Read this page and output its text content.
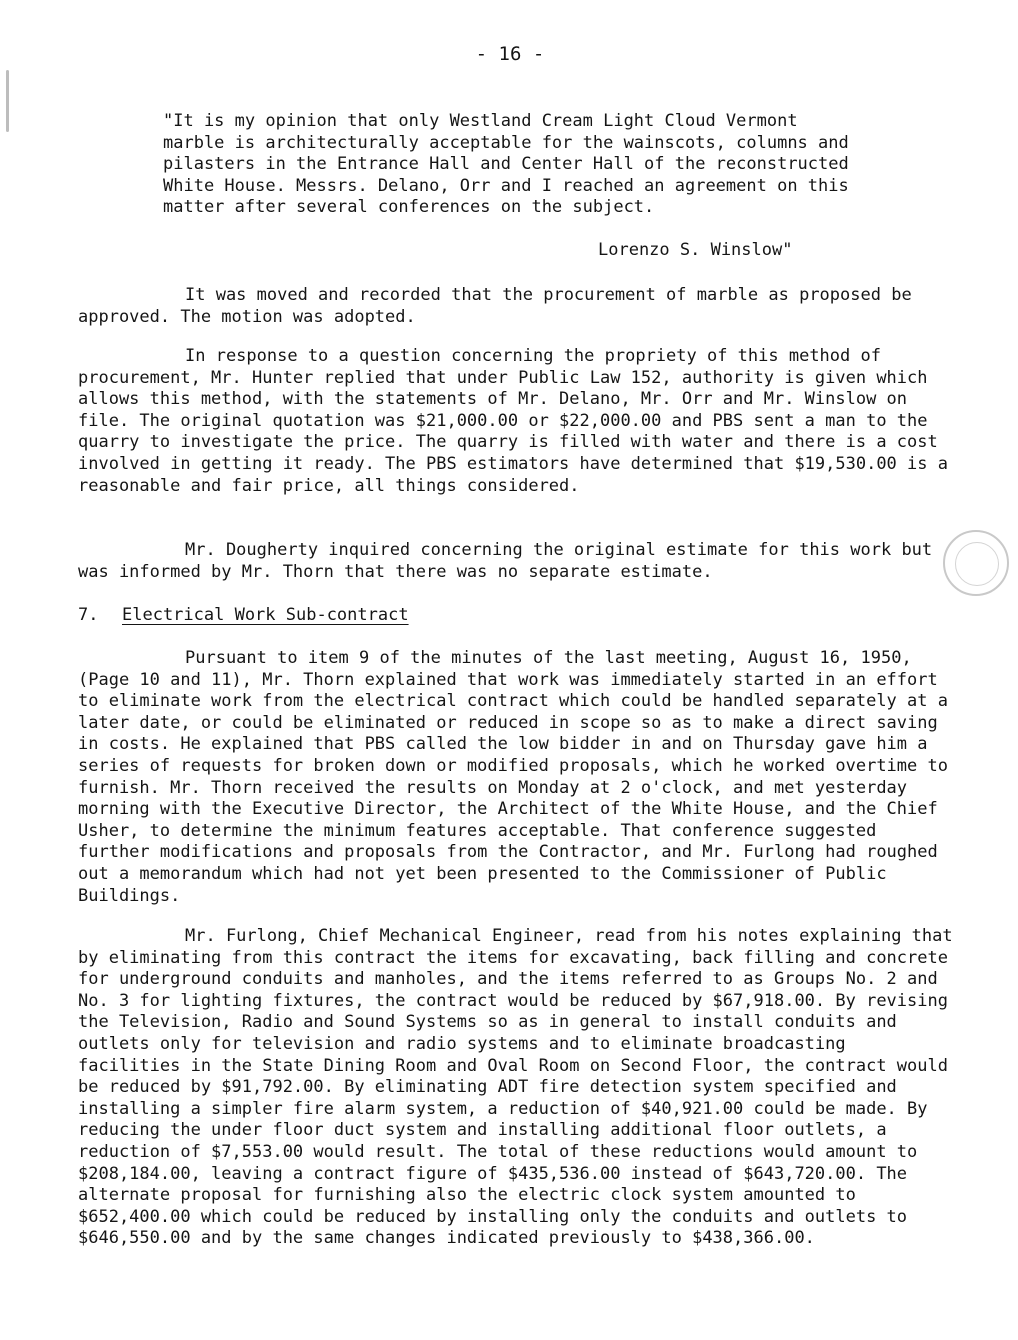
- 16 -

"It is my opinion that only Westland Cream Light Cloud Vermont marble is architecturally acceptable for the wainscots, columns and pilasters in the Entrance Hall and Center Hall of the reconstructed White House. Messrs. Delano, Orr and I reached an agreement on this matter after several conferences on the subject.

Lorenzo S. Winslow"

It was moved and recorded that the procurement of marble as proposed be approved. The motion was adopted.

In response to a question concerning the propriety of this method of procurement, Mr. Hunter replied that under Public Law 152, authority is given which allows this method, with the statements of Mr. Delano, Mr. Orr and Mr. Winslow on file. The original quotation was $21,000.00 or $22,000.00 and PBS sent a man to the quarry to investigate the price. The quarry is filled with water and there is a cost involved in getting it ready. The PBS estimators have determined that $19,530.00 is a reasonable and fair price, all things considered.

Mr. Dougherty inquired concerning the original estimate for this work but was informed by Mr. Thorn that there was no separate estimate.

7. Electrical Work Sub-contract

Pursuant to item 9 of the minutes of the last meeting, August 16, 1950, (Page 10 and 11), Mr. Thorn explained that work was immediately started in an effort to eliminate work from the electrical contract which could be handled separately at a later date, or could be eliminated or reduced in scope so as to make a direct saving in costs. He explained that PBS called the low bidder in and on Thursday gave him a series of requests for broken down or modified proposals, which he worked overtime to furnish. Mr. Thorn received the results on Monday at 2 o'clock, and met yesterday morning with the Executive Director, the Architect of the White House, and the Chief Usher, to determine the minimum features acceptable. That conference suggested further modifications and proposals from the Contractor, and Mr. Furlong had roughed out a memorandum which had not yet been presented to the Commissioner of Public Buildings.

Mr. Furlong, Chief Mechanical Engineer, read from his notes explaining that by eliminating from this contract the items for excavating, back filling and concrete for underground conduits and manholes, and the items referred to as Groups No. 2 and No. 3 for lighting fixtures, the contract would be reduced by $67,918.00. By revising the Television, Radio and Sound Systems so as in general to install conduits and outlets only for television and radio systems and to eliminate broadcasting facilities in the State Dining Room and Oval Room on Second Floor, the contract would be reduced by $91,792.00. By eliminating ADT fire detection system specified and installing a simpler fire alarm system, a reduction of $40,921.00 could be made. By reducing the under floor duct system and installing additional floor outlets, a reduction of $7,553.00 would result. The total of these reductions would amount to $208,184.00, leaving a contract figure of $435,536.00 instead of $643,720.00. The alternate proposal for furnishing also the electric clock system amounted to $652,400.00 which could be reduced by installing only the conduits and outlets to $646,550.00 and by the same changes indicated previously to $438,366.00.
